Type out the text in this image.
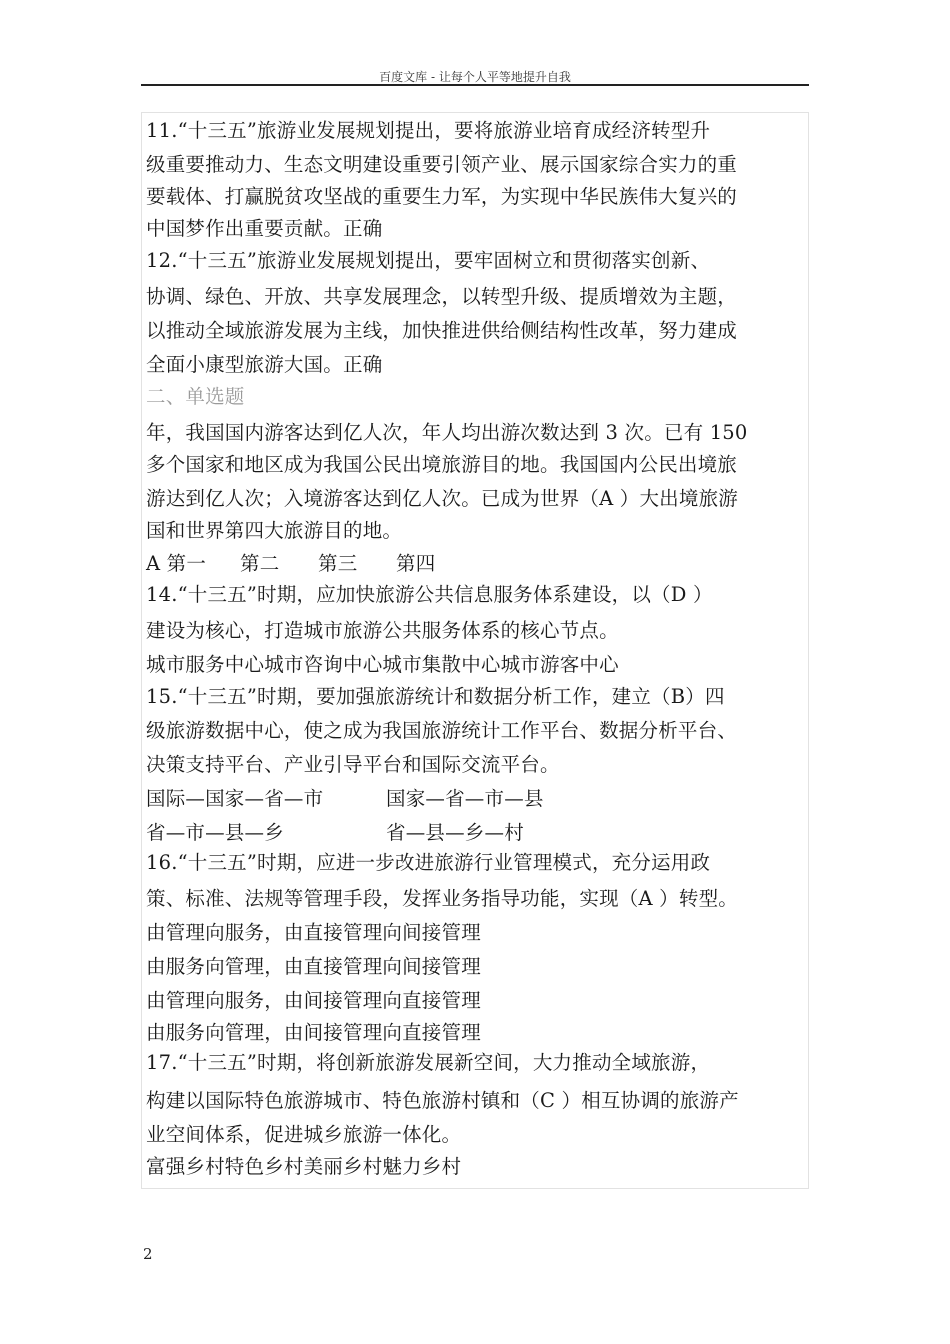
百度文库 - 让每个人平等地提升自我
11.“十三五”旅游业发展规划提出，要将旅游业培育成经济转型升
级重要推动力、生态文明建设重要引领产业、展示国家综合实力的重
要载体、打赢脱贫攻坚战的重要生力军，为实现中华民族伟大复兴的
中国梦作出重要贡献。正确
12.“十三五”旅游业发展规划提出，要牢固树立和贯彻落实创新、
协调、绿色、开放、共享发展理念，以转型升级、提质增效为主题，
以推动全域旅游发展为主线，加快推进供给侧结构性改革，努力建成
全面小康型旅游大国。正确
二、单选题
年，我国国内游客达到亿人次，年人均出游次数达到 3 次。已有 150
多个国家和地区成为我国公民出境旅游目的地。我国国内公民出境旅
游达到亿人次；入境游客达到亿人次。已成为世界（A ）大出境旅游
国和世界第四大旅游目的地。
A 第一 第二 第三 第四
14.“十三五”时期，应加快旅游公共信息服务体系建设，以（D ）
建设为核心，打造城市旅游公共服务体系的核心节点。
城市服务中心城市咨询中心城市集散中心城市游客中心
15.“十三五”时期，要加强旅游统计和数据分析工作，建立（B）四
级旅游数据中心，使之成为我国旅游统计工作平台、数据分析平台、
决策支持平台、产业引导平台和国际交流平台。
国际—国家—省—市	国家—省—市—县
省—市—县—乡	省—县—乡—村
16.“十三五”时期，应进一步改进旅游行业管理模式，充分运用政
策、标准、法规等管理手段，发挥业务指导功能，实现（A ）转型。
由管理向服务，由直接管理向间接管理
由服务向管理，由直接管理向间接管理
由管理向服务，由间接管理向直接管理
由服务向管理，由间接管理向直接管理
17.“十三五”时期，将创新旅游发展新空间，大力推动全域旅游，
构建以国际特色旅游城市、特色旅游村镇和（C ）相互协调的旅游产
业空间体系，促进城乡旅游一体化。
富强乡村特色乡村美丽乡村魅力乡村
2
